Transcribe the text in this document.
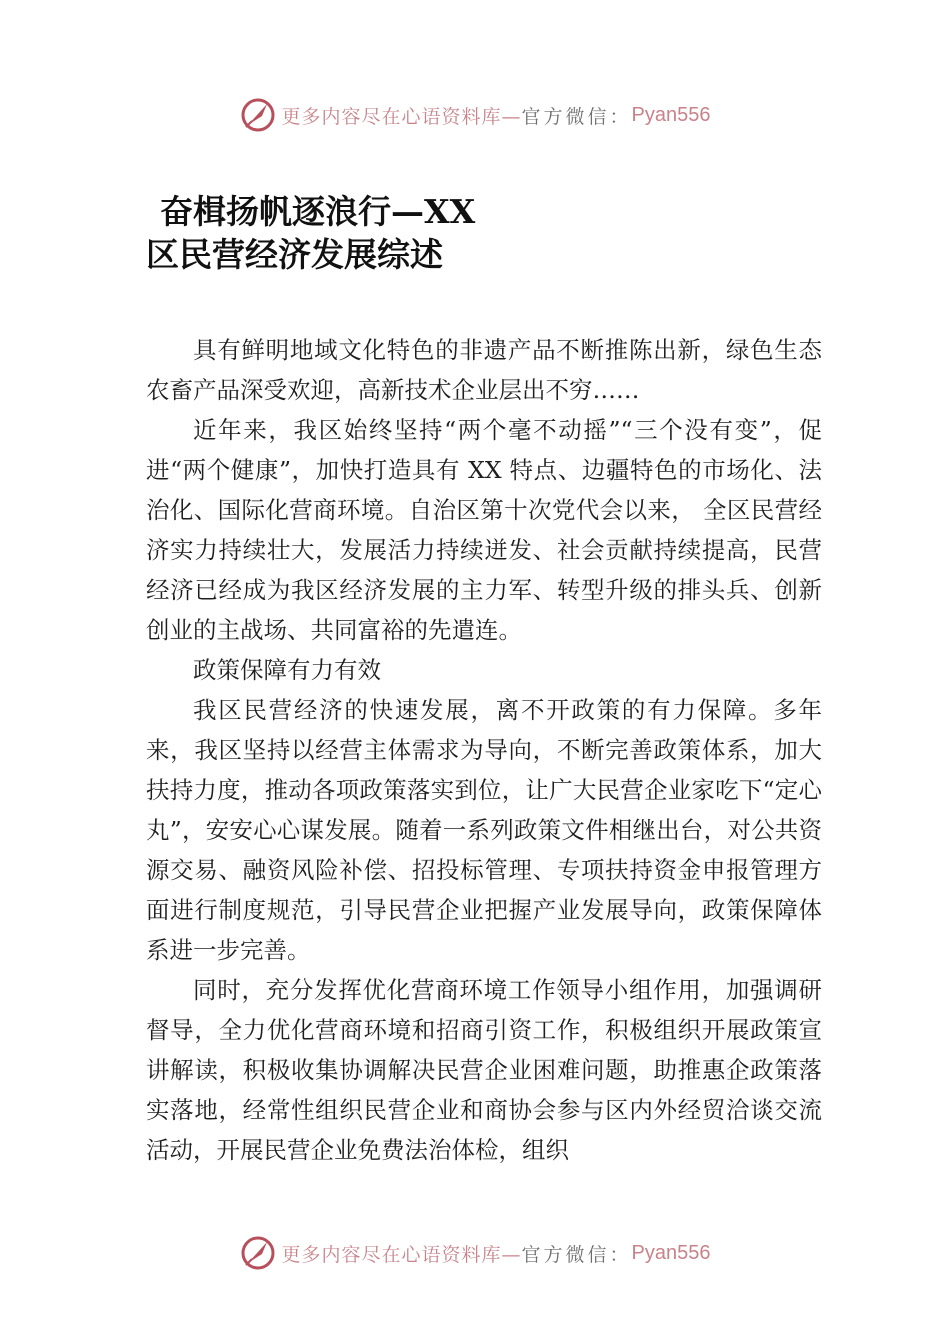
更多内容尽在心语资料库— 官方微信： Pyan556
奋楫扬帆逐浪行—XX
区民营经济发展综述

具有鲜明地域文化特色的非遗产品不断推陈出新，绿色生态农畜产品深受欢迎，高新技术企业层出不穷……

近年来，我区始终坚持“两个毫不动摇”“三个没有变”，促进“两个健康”，加快打造具有 XX 特点、边疆特色的市场化、法治化、国际化营商环境。自治区第十次党代会以来， 全区民营经济实力持续壮大，发展活力持续迸发、社会贡献持续提高，民营经济已经成为我区经济发展的主力军、转型升级的排头兵、创新创业的主战场、共同富裕的先遣连。

政策保障有力有效

我区民营经济的快速发展，离不开政策的有力保障。多年来，我区坚持以经营主体需求为导向，不断完善政策体系，加大扶持力度，推动各项政策落实到位，让广大民营企业家吃下“定心丸”，安安心心谋发展。随着一系列政策文件相继出台，对公共资源交易、融资风险补偿、招投标管理、专项扶持资金申报管理方面进行制度规范，引导民营企业把握产业发展导向，政策保障体系进一步完善。

同时，充分发挥优化营商环境工作领导小组作用，加强调研督导，全力优化营商环境和招商引资工作，积极组织开展政策宣讲解读，积极收集协调解决民营企业困难问题，助推惠企政策落实落地，经常性组织民营企业和商协会参与区内外经贸洽谈交流活动，开展民营企业免费法治体检，组织

更多内容尽在心语资料库— 官方微信： Pyan556
